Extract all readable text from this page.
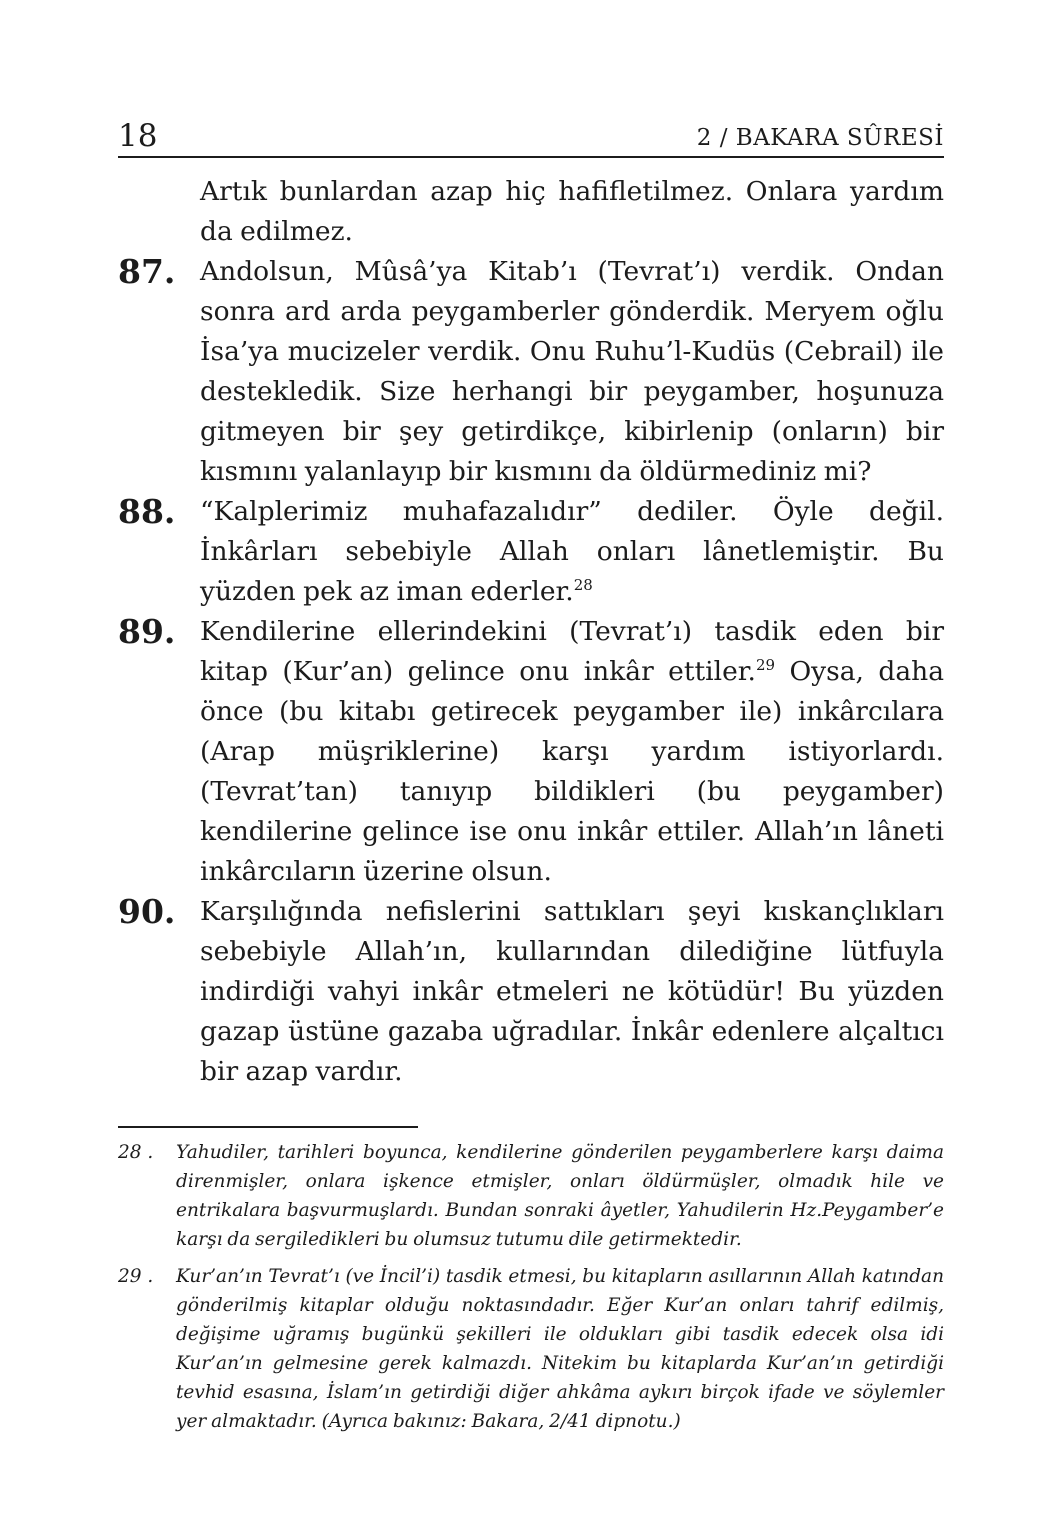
18	2 / BAKARA SÛRESİ
Artık bunlardan azap hiç hafifletilmez. Onlara yardım da edilmez.
87. Andolsun, Mûsâ’ya Kitab’ı (Tevrat’ı) verdik. Ondan sonra ard arda peygamberler gönderdik. Meryem oğlu İsa’ya mucizeler verdik. Onu Ruhu’l-Kudüs (Cebrail) ile destekledik. Size herhangi bir peygamber, hoşunuza gitmeyen bir şey getirdikçe, kibirlenip (onların) bir kısmını yalanlayıp bir kısmını da öldürmediniz mi?
88. “Kalplerimiz muhafazalıdır” dediler. Öyle değil. İnkârları sebebiyle Allah onları lânetlemiştir. Bu yüzden pek az iman ederler.$^{28}$
89. Kendilerine ellerindekini (Tevrat’ı) tasdik eden bir kitap (Kur’an) gelince onu inkâr ettiler.$^{29}$ Oysa, daha önce (bu kitabı getirecek peygamber ile) inkârcılara (Arap müşriklerine) karşı yardım istiyorlardı. (Tevrat’tan) tanıyıp bildikleri (bu peygamber) kendilerine gelince ise onu inkâr ettiler. Allah’ın lâneti inkârcıların üzerine olsun.
90. Karşılığında nefislerini sattıkları şeyi kıskançlıkları sebebiyle Allah’ın, kullarından dilediğine lütfuyla indirdiği vahyi inkâr etmeleri ne kötüdür! Bu yüzden gazap üstüne gazaba uğradılar. İnkâr edenlere alçaltıcı bir azap vardır.
28 .	Yahudiler, tarihleri boyunca, kendilerine gönderilen peygamberlere karşı daima direnmişler, onlara işkence etmişler, onları öldürmüşler, olmadık hile ve entrikalara başvurmuşlardı. Bundan sonraki âyetler, Yahudilerin Hz.Peygamber’e karşı da sergiledikleri bu olumsuz tutumu dile getirmektedir.
29 .	Kur’an’ın Tevrat’ı (ve İncil’i) tasdik etmesi, bu kitapların asıllarının Allah katından gönderilmiş kitaplar olduğu noktasındadır. Eğer Kur’an onları tahrif edilmiş, değişime uğramış bugünkü şekilleri ile oldukları gibi tasdik edecek olsa idi Kur’an’ın gelmesine gerek kalmazdı. Nitekim bu kitaplarda Kur’an’ın getirdiği tevhid esasına, İslam’ın getirdiği diğer ahkâma aykırı birçok ifade ve söylemler yer almaktadır. (Ayrıca bakınız: Bakara, 2/41 dipnotu.)
